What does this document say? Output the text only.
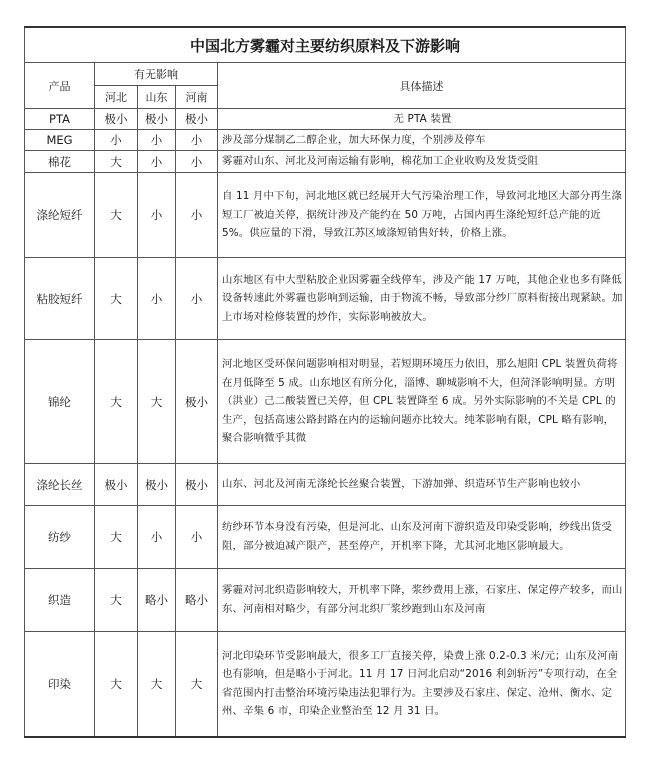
中国北方雾霾对主要纺织原料及下游影响				
产品	有无影响			具体描述
	河北	山东	河南	
PTA	极小	极小	极小	无 PTA 装置
MEG	小	小	小	涉及部分煤制乙二醇企业，加大环保力度，个别涉及停车
棉花	大	小	小	雾霾对山东、河北及河南运输有影响，棉花加工企业收购及发货受阻
涤纶短纤	大	小	小	自 11 月中下旬，河北地区就已经展开大气污染治理工作，导致河北地区大部分再生涤短工厂被迫关停，据统计涉及产能约在 50 万吨，占国内再生涤纶短纤总产能的近 5%。供应量的下滑，导致江苏区域涤短销售好转，价格上涨。
粘胶短纤	大	小	小	山东地区有中大型粘胶企业因雾霾全线停车，涉及产能 17 万吨，其他企业也多有降低设备转速此外雾霾也影响到运输，由于物流不畅，导致部分纱厂原料衔接出现紧缺。加上市场对检修装置的炒作，实际影响被放大。
锦纶	大	大	极小	河北地区受环保问题影响相对明显，若短期环境压力依旧，那么旭阳 CPL 装置负荷将在月低降至 5 成。山东地区有所分化，淄博、聊城影响不大，但菏泽影响明显。方明（洪业）己二酸装置已关停，但 CPL 装置降至 6 成。另外实际影响的不关是 CPL 的生产，包括高速公路封路在内的运输问题亦比较大。纯苯影响有限，CPL 略有影响，聚合影响微乎其微
涤纶长丝	极小	极小	极小	山东、河北及河南无涤纶长丝聚合装置，下游加弹、织造环节生产影响也较小
纺纱	大	小	小	纺纱环节本身没有污染，但是河北、山东及河南下游织造及印染受影响，纱线出货受阻，部分被迫减产限产，甚至停产，开机率下降，尤其河北地区影响最大。
织造	大	略小	略小	雾霾对河北织造影响较大，开机率下降，浆纱费用上涨，石家庄、保定停产较多，而山东、河南相对略少，有部分河北织厂浆纱跑到山东及河南
印染	大	大	大	河北印染环节受影响最大，很多工厂直接关停，染费上涨 0.2-0.3 米/元；山东及河南也有影响，但是略小于河北。11 月 17 日河北启动“2016 利剑斩污”专项行动，在全省范围内打击整治环境污染违法犯罪行为。主要涉及石家庄、保定、沧州、衡水、定州、辛集 6 市，印染企业整治至 12 月 31 日。
